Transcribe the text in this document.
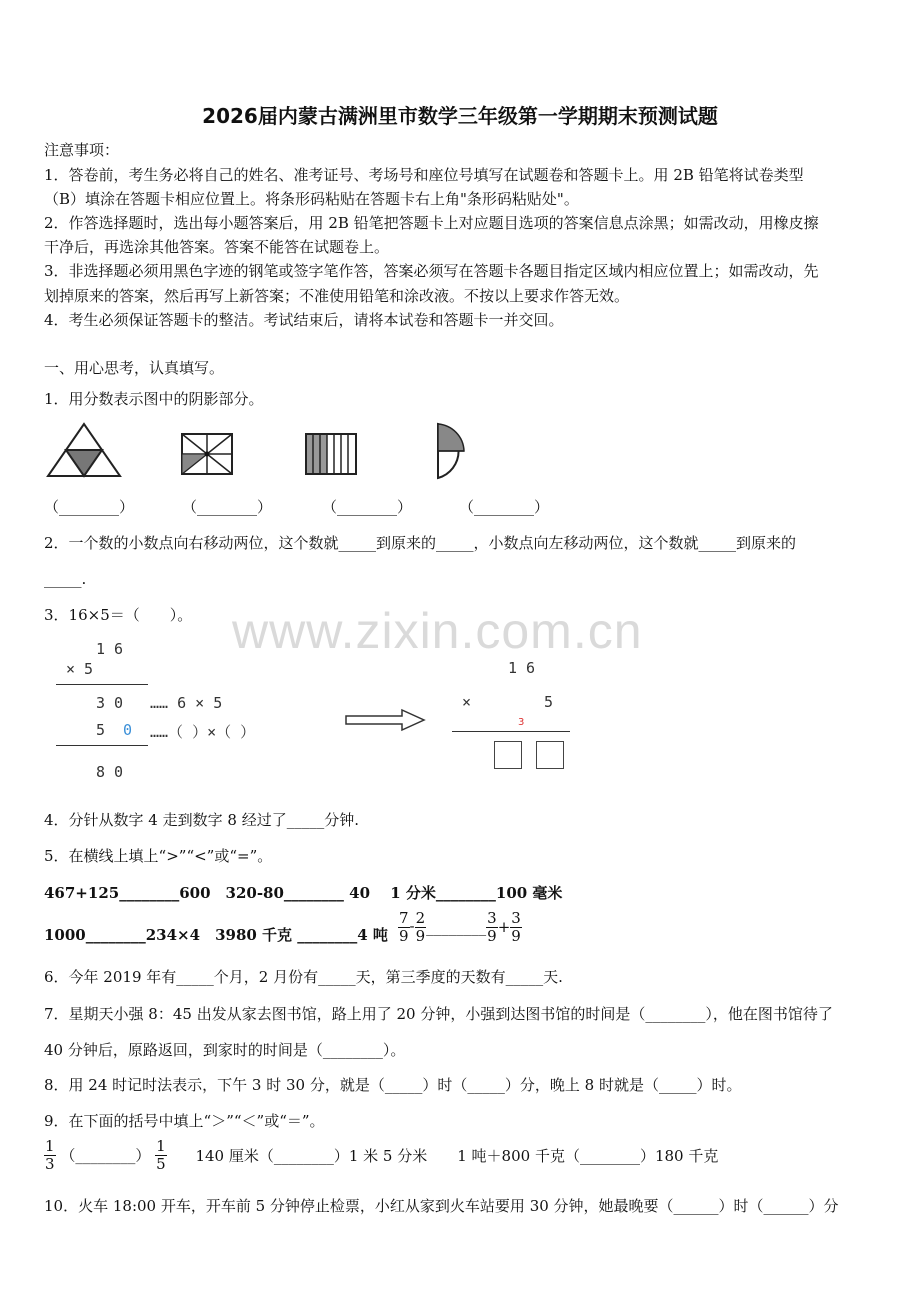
2026届内蒙古满洲里市数学三年级第一学期期末预测试题
注意事项：
1．答卷前，考生务必将自己的姓名、准考证号、考场号和座位号填写在试题卷和答题卡上。用 2B 铅笔将试卷类型
（B）填涂在答题卡相应位置上。将条形码粘贴在答题卡右上角"条形码粘贴处"。
2．作答选择题时，选出每小题答案后，用 2B 铅笔把答题卡上对应题目选项的答案信息点涂黑；如需改动，用橡皮擦
干净后，再选涂其他答案。答案不能答在试题卷上。
3．非选择题必须用黑色字迹的钢笔或签字笔作答，答案必须写在答题卡各题目指定区域内相应位置上；如需改动，先
划掉原来的答案，然后再写上新答案；不准使用铅笔和涂改液。不按以上要求作答无效。
4．考生必须保证答题卡的整洁。考试结束后，请将本试卷和答题卡一并交回。
一、用心思考，认真填写。
1．用分数表示图中的阴影部分。
（________）	（________）	（________）	（________）
2．一个数的小数点向右移动两位，这个数就_____到原来的_____，小数点向左移动两位，这个数就_____到原来的
_____.
3．16×5＝（　　）。 www.zixin.com.cn
1 6
× 5
3 0 …… 6 × 5
5 0 ……（ ）×（ ）
8 0
1 6
×	5
3
4．分针从数字 4 走到数字 8 经过了_____分钟.
5．在横线上填上“>”“<”或“=”。
467+125________600　320-80________ 40　 1 分米________100 毫米
1000________234×4　3980 千克 ________4 吨 $\frac{7}{9} - \frac{2}{9}$ ________ $\frac{3}{9} + \frac{3}{9}$
6．今年 2019 年有_____个月，2 月份有_____天，第三季度的天数有_____天.
7．星期天小强 8：45 出发从家去图书馆，路上用了 20 分钟，小强到达图书馆的时间是（________），他在图书馆待了
40 分钟后，原路返回，到家时的时间是（________）。
8．用 24 时记时法表示，下午 3 时 30 分，就是（_____）时（_____）分，晚上 8 时就是（_____）时。
9．在下面的括号中填上“＞”“＜”或“＝”。
$\frac{1}{3}$ （________） $\frac{1}{5} 140$ 厘米（________）1 米 5 分米　　1 吨＋800 千克（________）180 千克
10．火车 18:00 开车，开车前 5 分钟停止检票，小红从家到火车站要用 30 分钟，她最晚要（______）时（______）分
